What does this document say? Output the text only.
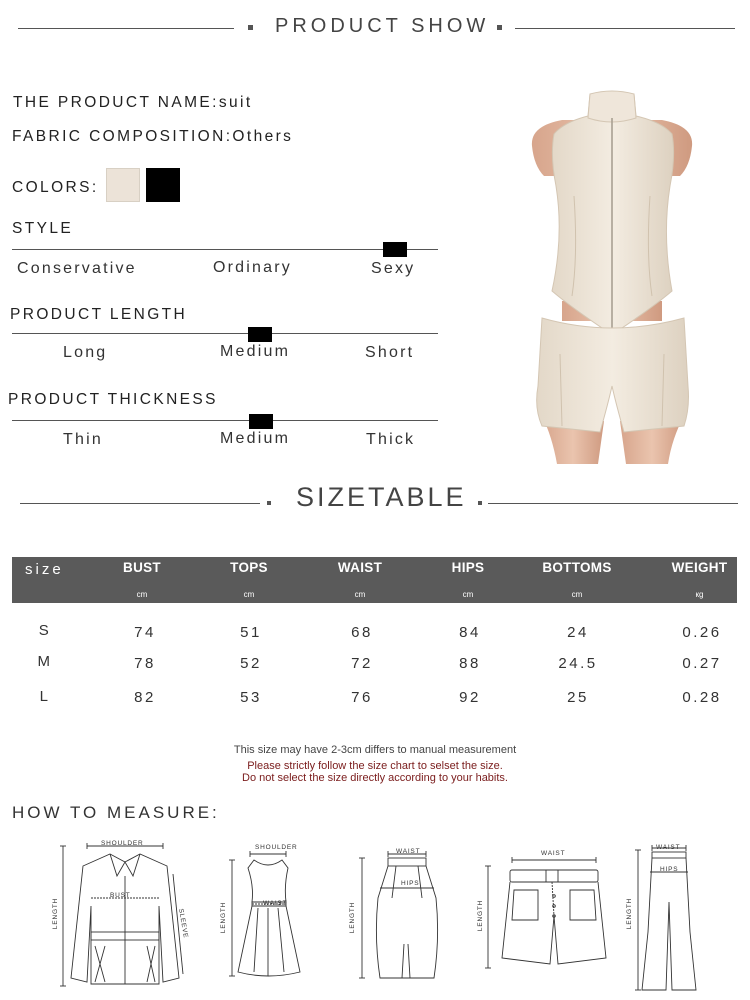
PRODUCT SHOW
THE PRODUCT NAME:suit
FABRIC COMPOSITION:Others
COLORS:
STYLE
Conservative	Ordinary	Sexy
PRODUCT LENGTH
Long	Medium	Short
PRODUCT THICKNESS
Thin	Medium	Thick
SIZETABLE
size	BUST	TOPS	WAIST	HIPS	BOTTOMS	WEIGHT
cm	cm	cm	cm	cm	кg
S	74	51	68	84	24	0.26
M	78	52	72	88	24.5	0.27
L	82	53	76	92	25	0.28
This size may have 2-3cm differs to manual measurement
Please strictly follow the size chart to selset the size.
Do not select the size directly according to your habits.
HOW TO MEASURE:
SHOULDER
BUST
LENGTH	SLEEVE
SHOULDER
WAIST
LENGTH
WAIST
HIPS
LENGTH
WAIST
LENGTH
WAIST
HIPS
LENGTH
